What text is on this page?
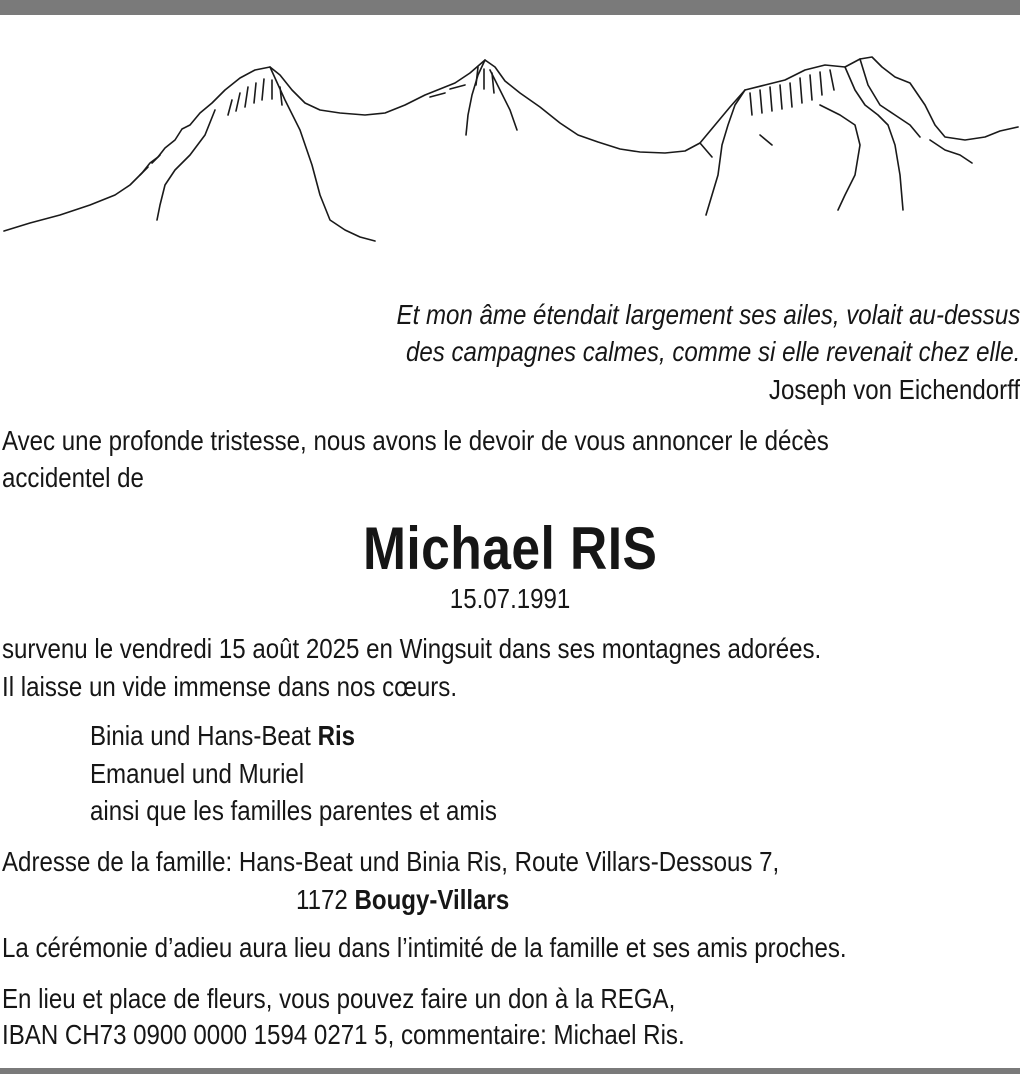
Et mon âme étendait largement ses ailes, volait au-dessus
des campagnes calmes, comme si elle revenait chez elle.
Joseph von Eichendorff
Avec une profonde tristesse, nous avons le devoir de vous annoncer le décès
accidentel de
Michael RIS
15.07.1991
survenu le vendredi 15 août 2025 en Wingsuit dans ses montagnes adorées.
Il laisse un vide immense dans nos cœurs.
Binia und Hans-Beat Ris
Emanuel und Muriel
ainsi que les familles parentes et amis
Adresse de la famille: Hans-Beat und Binia Ris, Route Villars-Dessous 7,
1172 Bougy-Villars
La cérémonie d’adieu aura lieu dans l’intimité de la famille et ses amis proches.
En lieu et place de fleurs, vous pouvez faire un don à la REGA,
IBAN CH73 0900 0000 1594 0271 5, commentaire: Michael Ris.
